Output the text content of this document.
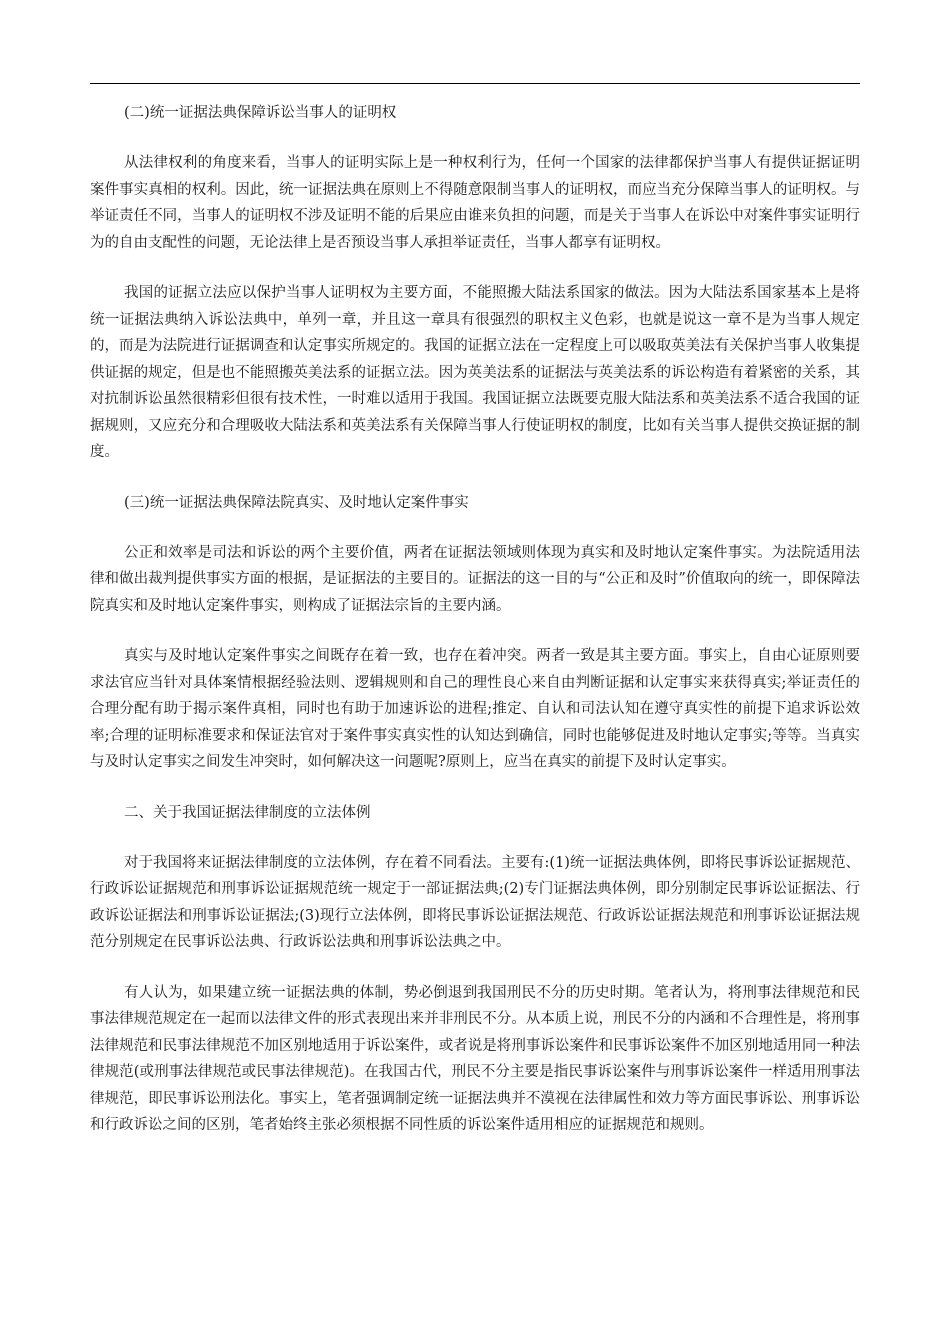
(二)统一证据法典保障诉讼当事人的证明权

从法律权利的角度来看，当事人的证明实际上是一种权利行为，任何一个国家的法律都保护当事人有提供证据证明案件事实真相的权利。因此，统一证据法典在原则上不得随意限制当事人的证明权，而应当充分保障当事人的证明权。与举证责任不同，当事人的证明权不涉及证明不能的后果应由谁来负担的问题，而是关于当事人在诉讼中对案件事实证明行为的自由支配性的问题，无论法律上是否预设当事人承担举证责任，当事人都享有证明权。

我国的证据立法应以保护当事人证明权为主要方面，不能照搬大陆法系国家的做法。因为大陆法系国家基本上是将统一证据法典纳入诉讼法典中，单列一章，并且这一章具有很强烈的职权主义色彩，也就是说这一章不是为当事人规定的，而是为法院进行证据调查和认定事实所规定的。我国的证据立法在一定程度上可以吸取英美法有关保护当事人收集提供证据的规定，但是也不能照搬英美法系的证据立法。因为英美法系的证据法与英美法系的诉讼构造有着紧密的关系，其对抗制诉讼虽然很精彩但很有技术性，一时难以适用于我国。我国证据立法既要克服大陆法系和英美法系不适合我国的证据规则，又应充分和合理吸收大陆法系和英美法系有关保障当事人行使证明权的制度，比如有关当事人提供交换证据的制度。

(三)统一证据法典保障法院真实、及时地认定案件事实

公正和效率是司法和诉讼的两个主要价值，两者在证据法领域则体现为真实和及时地认定案件事实。为法院适用法律和做出裁判提供事实方面的根据，是证据法的主要目的。证据法的这一目的与“公正和及时”价值取向的统一，即保障法院真实和及时地认定案件事实，则构成了证据法宗旨的主要内涵。

真实与及时地认定案件事实之间既存在着一致，也存在着冲突。两者一致是其主要方面。事实上，自由心证原则要求法官应当针对具体案情根据经验法则、逻辑规则和自己的理性良心来自由判断证据和认定事实来获得真实;举证责任的合理分配有助于揭示案件真相，同时也有助于加速诉讼的进程;推定、自认和司法认知在遵守真实性的前提下追求诉讼效率;合理的证明标准要求和保证法官对于案件事实真实性的认知达到确信，同时也能够促进及时地认定事实;等等。当真实与及时认定事实之间发生冲突时，如何解决这一问题呢?原则上，应当在真实的前提下及时认定事实。

二、关于我国证据法律制度的立法体例

对于我国将来证据法律制度的立法体例，存在着不同看法。主要有:(1)统一证据法典体例，即将民事诉讼证据规范、行政诉讼证据规范和刑事诉讼证据规范统一规定于一部证据法典;(2)专门证据法典体例，即分别制定民事诉讼证据法、行政诉讼证据法和刑事诉讼证据法;(3)现行立法体例，即将民事诉讼证据法规范、行政诉讼证据法规范和刑事诉讼证据法规范分别规定在民事诉讼法典、行政诉讼法典和刑事诉讼法典之中。

有人认为，如果建立统一证据法典的体制，势必倒退到我国刑民不分的历史时期。笔者认为，将刑事法律规范和民事法律规范规定在一起而以法律文件的形式表现出来并非刑民不分。从本质上说，刑民不分的内涵和不合理性是，将刑事法律规范和民事法律规范不加区别地适用于诉讼案件，或者说是将刑事诉讼案件和民事诉讼案件不加区别地适用同一种法律规范(或刑事法律规范或民事法律规范)。在我国古代，刑民不分主要是指民事诉讼案件与刑事诉讼案件一样适用刑事法律规范，即民事诉讼刑法化。事实上，笔者强调制定统一证据法典并不漠视在法律属性和效力等方面民事诉讼、刑事诉讼和行政诉讼之间的区别，笔者始终主张必须根据不同性质的诉讼案件适用相应的证据规范和规则。
